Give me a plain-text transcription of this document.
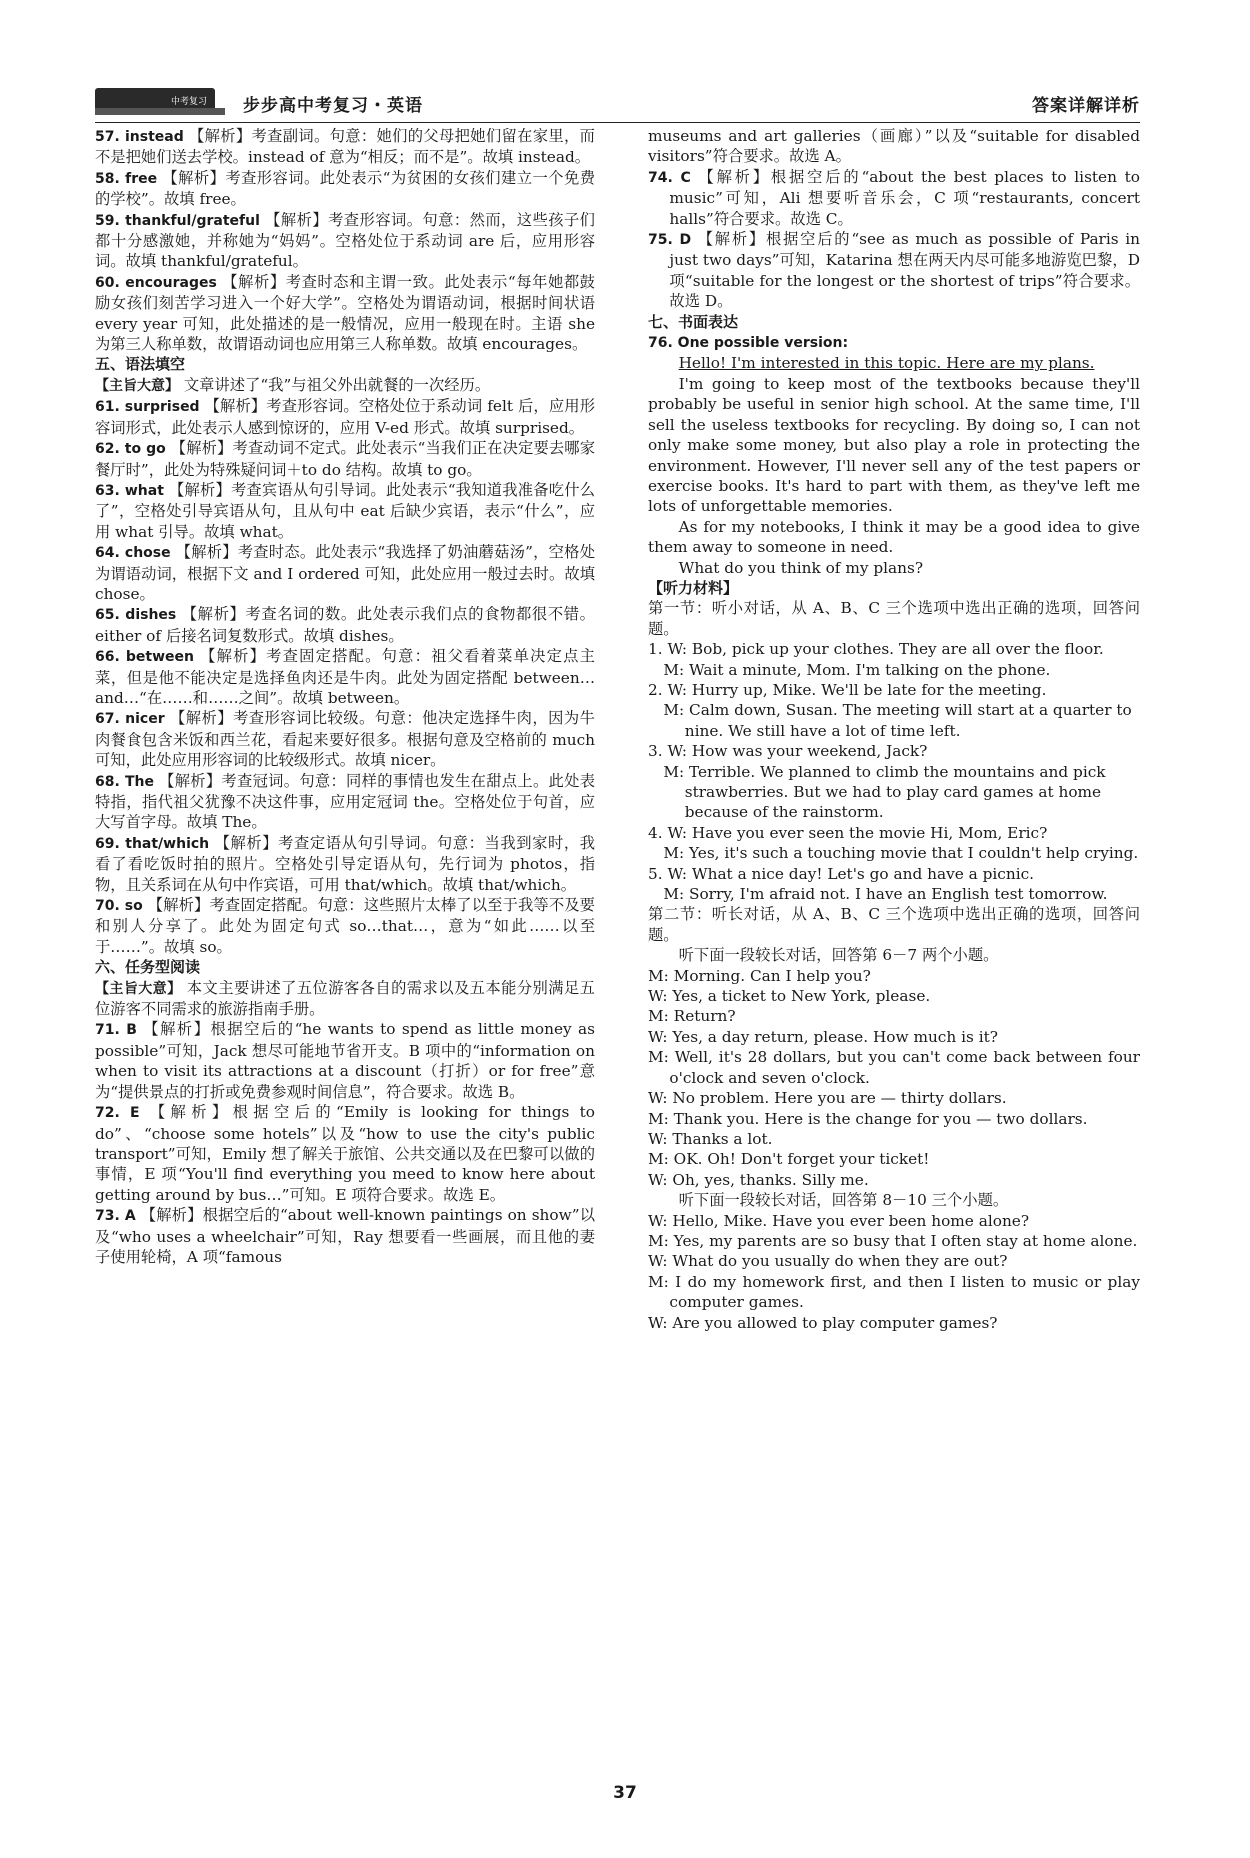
中考复习 步步高中考复习・英语	答案详解详析

57. instead 【解析】考查副词。句意：她们的父母把她们留在家里，而不是把她们送去学校。instead of 意为“相反；而不是”。故填 instead。

58. free 【解析】考查形容词。此处表示“为贫困的女孩们建立一个免费的学校”。故填 free。

59. thankful/grateful 【解析】考查形容词。句意：然而，这些孩子们都十分感激她，并称她为“妈妈”。空格处位于系动词 are 后，应用形容词。故填 thankful/grateful。

60. encourages 【解析】考查时态和主谓一致。此处表示“每年她都鼓励女孩们刻苦学习进入一个好大学”。空格处为谓语动词，根据时间状语 every year 可知，此处描述的是一般情况，应用一般现在时。主语 she 为第三人称单数，故谓语动词也应用第三人称单数。故填 encourages。

五、语法填空

【主旨大意】 文章讲述了“我”与祖父外出就餐的一次经历。

61. surprised 【解析】考查形容词。空格处位于系动词 felt 后，应用形容词形式，此处表示人感到惊讶的，应用 V-ed 形式。故填 surprised。

62. to go 【解析】考查动词不定式。此处表示“当我们正在决定要去哪家餐厅时”，此处为特殊疑问词＋to do 结构。故填 to go。

63. what 【解析】考查宾语从句引导词。此处表示“我知道我准备吃什么了”，空格处引导宾语从句，且从句中 eat 后缺少宾语，表示“什么”，应用 what 引导。故填 what。

64. chose 【解析】考查时态。此处表示“我选择了奶油蘑菇汤”，空格处为谓语动词，根据下文 and I ordered 可知，此处应用一般过去时。故填 chose。

65. dishes 【解析】考查名词的数。此处表示我们点的食物都很不错。either of 后接名词复数形式。故填 dishes。

66. between 【解析】考查固定搭配。句意：祖父看着菜单决定点主菜，但是他不能决定是选择鱼肉还是牛肉。此处为固定搭配 between…and…“在……和……之间”。故填 between。

67. nicer 【解析】考查形容词比较级。句意：他决定选择牛肉，因为牛肉餐食包含米饭和西兰花，看起来要好很多。根据句意及空格前的 much 可知，此处应用形容词的比较级形式。故填 nicer。

68. The 【解析】考查冠词。句意：同样的事情也发生在甜点上。此处表特指，指代祖父犹豫不决这件事，应用定冠词 the。空格处位于句首，应大写首字母。故填 The。

69. that/which 【解析】考查定语从句引导词。句意：当我到家时，我看了看吃饭时拍的照片。空格处引导定语从句，先行词为 photos，指物，且关系词在从句中作宾语，可用 that/which。故填 that/which。

70. so 【解析】考查固定搭配。句意：这些照片太棒了以至于我等不及要和别人分享了。此处为固定句式 so…that…，意为“如此……以至于……”。故填 so。

六、任务型阅读

【主旨大意】 本文主要讲述了五位游客各自的需求以及五本能分别满足五位游客不同需求的旅游指南手册。

71. B 【解析】根据空后的“he wants to spend as little money as possible”可知，Jack 想尽可能地节省开支。B 项中的“information on when to visit its attractions at a discount（打折）or for free”意为“提供景点的打折或免费参观时间信息”，符合要求。故选 B。

72. E 【解析】根据空后的“Emily is looking for things to do”、“choose some hotels”以及“how to use the city's public transport”可知，Emily 想了解关于旅馆、公共交通以及在巴黎可以做的事情，E 项“You'll find everything you meed to know here about getting around by bus…”可知。E 项符合要求。故选 E。

73. A 【解析】根据空后的“about well-known paintings on show”以及“who uses a wheelchair”可知，Ray 想要看一些画展，而且他的妻子使用轮椅，A 项“famous

museums and art galleries（画廊）”以及“suitable for disabled visitors”符合要求。故选 A。

74. C 【解析】根据空后的“about the best places to listen to music”可知，Ali 想要听音乐会，C 项“restaurants, concert halls”符合要求。故选 C。

75. D 【解析】根据空后的“see as much as possible of Paris in just two days”可知，Katarina 想在两天内尽可能多地游览巴黎，D 项“suitable for the longest or the shortest of trips”符合要求。故选 D。

七、书面表达

76. One possible version:

Hello! I'm interested in this topic. Here are my plans.

I'm going to keep most of the textbooks because they'll probably be useful in senior high school. At the same time, I'll sell the useless textbooks for recycling. By doing so, I can not only make some money, but also play a role in protecting the environment. However, I'll never sell any of the test papers or exercise books. It's hard to part with them, as they've left me lots of unforgettable memories.

As for my notebooks, I think it may be a good idea to give them away to someone in need.

What do you think of my plans?

【听力材料】

第一节：听小对话，从 A、B、C 三个选项中选出正确的选项，回答问题。

1. W: Bob, pick up your clothes. They are all over the floor.

M: Wait a minute, Mom. I'm talking on the phone.

2. W: Hurry up, Mike. We'll be late for the meeting.

M: Calm down, Susan. The meeting will start at a quarter to nine. We still have a lot of time left.

3. W: How was your weekend, Jack?

M: Terrible. We planned to climb the mountains and pick strawberries. But we had to play card games at home because of the rainstorm.

4. W: Have you ever seen the movie Hi, Mom, Eric?

M: Yes, it's such a touching movie that I couldn't help crying.

5. W: What a nice day! Let's go and have a picnic.

M: Sorry, I'm afraid not. I have an English test tomorrow.

第二节：听长对话，从 A、B、C 三个选项中选出正确的选项，回答问题。

听下面一段较长对话，回答第 6－7 两个小题。

M: Morning. Can I help you?

W: Yes, a ticket to New York, please.

M: Return?

W: Yes, a day return, please. How much is it?

M: Well, it's 28 dollars, but you can't come back between four o'clock and seven o'clock.

W: No problem. Here you are — thirty dollars.

M: Thank you. Here is the change for you — two dollars.

W: Thanks a lot.

M: OK. Oh! Don't forget your ticket!

W: Oh, yes, thanks. Silly me.

听下面一段较长对话，回答第 8－10 三个小题。

W: Hello, Mike. Have you ever been home alone?

M: Yes, my parents are so busy that I often stay at home alone.

W: What do you usually do when they are out?

M: I do my homework first, and then I listen to music or play computer games.

W: Are you allowed to play computer games?

37
